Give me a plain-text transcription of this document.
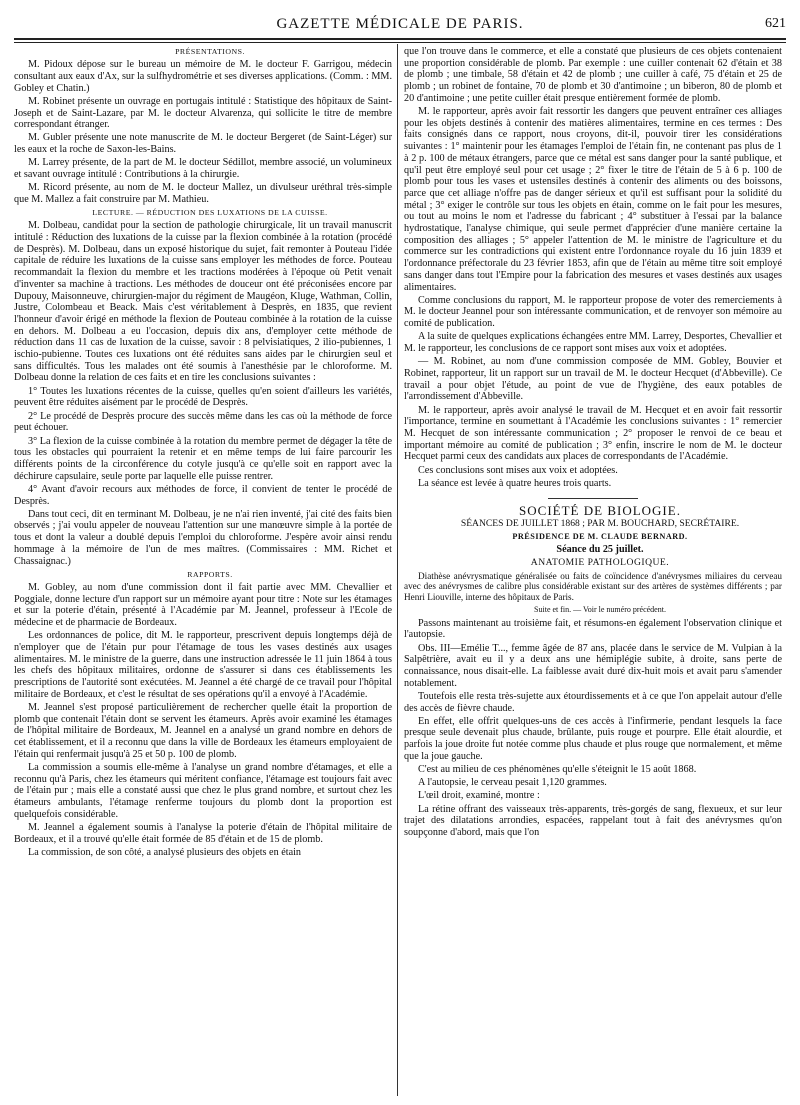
GAZETTE MÉDICALE DE PARIS.	621

PRÉSENTATIONS.

M. Pidoux dépose sur le bureau un mémoire de M. le docteur F. Garrigou, médecin consultant aux eaux d'Ax, sur la sulfhydrométrie et ses diverses applications. (Comm. : MM. Gobley et Chatin.)

M. Robinet présente un ouvrage en portugais intitulé : Statistique des hôpitaux de Saint-Joseph et de Saint-Lazare, par M. le docteur Alvarenza, qui sollicite le titre de membre correspondant étranger.

M. Gubler présente une note manuscrite de M. le docteur Bergeret (de Saint-Léger) sur les eaux et la roche de Saxon-les-Bains.

M. Larrey présente, de la part de M. le docteur Sédillot, membre associé, un volumineux et savant ouvrage intitulé : Contributions à la chirurgie.

M. Ricord présente, au nom de M. le docteur Mallez, un divulseur uréthral très-simple que M. Mallez a fait construire par M. Mathieu.

LECTURE. — RÉDUCTION DES LUXATIONS DE LA CUISSE.

M. Dolbeau, candidat pour la section de pathologie chirurgicale, lit un travail manuscrit intitulé : Réduction des luxations de la cuisse par la flexion combinée à la rotation (procédé de Desprès). M. Dolbeau, dans un exposé historique du sujet, fait remonter à Pouteau l'idée capitale de réduire les luxations de la cuisse sans employer les méthodes de force. Pouteau recommandait la flexion du membre et les tractions modérées à l'époque où Petit venait d'inventer sa machine à tractions. Les méthodes de douceur ont été préconisées encore par Dupouy, Maisonneuve, chirurgien-major du régiment de Maugéon, Kluge, Wathman, Collin, Justre, Colombeau et Beack. Mais c'est véritablement à Desprès, en 1835, que revient l'honneur d'avoir érigé en méthode la flexion de Pouteau combinée à la rotation de la cuisse en dehors. M. Dolbeau a eu l'occasion, depuis dix ans, d'employer cette méthode de réduction dans 11 cas de luxation de la cuisse, savoir : 8 pelvisiatiques, 2 ilio-pubiennes, 1 ischio-pubienne. Toutes ces luxations ont été réduites sans aides par le chirurgien seul et sans difficultés. Tous les malades ont été soumis à l'anesthésie par le chloroforme. M. Dolbeau donne la relation de ces faits et en tire les conclusions suivantes :

1° Toutes les luxations récentes de la cuisse, quelles qu'en soient d'ailleurs les variétés, peuvent être réduites aisément par le procédé de Desprès.

2° Le procédé de Desprès procure des succès même dans les cas où la méthode de force peut échouer.

3° La flexion de la cuisse combinée à la rotation du membre permet de dégager la tête de tous les obstacles qui pourraient la retenir et en même temps de lui faire parcourir les différents points de la circonférence du cotyle jusqu'à ce qu'elle soit en rapport avec la déchirure capsulaire, seule porte par laquelle elle puisse rentrer.

4° Avant d'avoir recours aux méthodes de force, il convient de tenter le procédé de Desprès.

Dans tout ceci, dit en terminant M. Dolbeau, je ne n'ai rien inventé, j'ai cité des faits bien observés ; j'ai voulu appeler de nouveau l'attention sur une manœuvre simple à la portée de tous et dont la valeur a doublé depuis l'emploi du chloroforme. J'espère avoir ainsi rendu hommage à la mémoire de l'un de mes maîtres. (Commissaires : MM. Richet et Chassaignac.)

RAPPORTS.

M. Gobley, au nom d'une commission dont il fait partie avec MM. Chevallier et Poggiale, donne lecture d'un rapport sur un mémoire ayant pour titre : Note sur les étamages et sur la poterie d'étain, présenté à l'Académie par M. Jeannel, professeur à l'Ecole de médecine et de pharmacie de Bordeaux.

Les ordonnances de police, dit M. le rapporteur, prescrivent depuis longtemps déjà de n'employer que de l'étain pur pour l'étamage de tous les vases destinés aux usages alimentaires. M. le ministre de la guerre, dans une instruction adressée le 11 juin 1864 à tous les chefs des hôpitaux militaires, ordonne de s'assurer si dans ces établissements les prescriptions de l'autorité sont exécutées. M. Jeannel a été chargé de ce travail pour l'hôpital militaire de Bordeaux, et c'est le résultat de ses opérations qu'il a envoyé à l'Académie.

M. Jeannel s'est proposé particulièrement de rechercher quelle était la proportion de plomb que contenait l'étain dont se servent les étameurs. Après avoir examiné les étamages de l'hôpital militaire de Bordeaux, M. Jeannel en a analysé un grand nombre en dehors de cet établissement, et il a reconnu que dans la ville de Bordeaux les étameurs employaient de l'étain qui renfermait jusqu'à 25 et 50 p. 100 de plomb.

La commission a soumis elle-même à l'analyse un grand nombre d'étamages, et elle a reconnu qu'à Paris, chez les étameurs qui méritent confiance, l'étamage est toujours fait avec de l'étain pur ; mais elle a constaté aussi que chez le plus grand nombre, et surtout chez les étameurs ambulants, l'étamage renferme toujours du plomb dont la proportion est quelquefois considérable.

M. Jeannel a également soumis à l'analyse la poterie d'étain de l'hôpital militaire de Bordeaux, et il a trouvé qu'elle était formée de 85 d'étain et de 15 de plomb.

La commission, de son côté, a analysé plusieurs des objets en étain

que l'on trouve dans le commerce, et elle a constaté que plusieurs de ces objets contenaient une proportion considérable de plomb. Par exemple : une cuiller contenait 62 d'étain et 38 de plomb ; une timbale, 58 d'étain et 42 de plomb ; une cuiller à café, 75 d'étain et 25 de plomb ; un robinet de fontaine, 70 de plomb et 30 d'antimoine ; un biberon, 80 de plomb et 20 d'antimoine ; une petite cuiller était presque entièrement formée de plomb.

M. le rapporteur, après avoir fait ressortir les dangers que peuvent entraîner ces alliages pour les objets destinés à contenir des matières alimentaires, termine en ces termes : Des faits consignés dans ce rapport, nous croyons, dit-il, pouvoir tirer les considérations suivantes : 1° maintenir pour les étamages l'emploi de l'étain fin, ne contenant pas plus de 1 à 2 p. 100 de métaux étrangers, parce que ce métal est sans danger pour la santé publique, et qu'il peut être employé seul pour cet usage ; 2° fixer le titre de l'étain de 5 à 6 p. 100 de plomb pour tous les vases et ustensiles destinés à contenir des aliments ou des boissons, parce que cet alliage n'offre pas de danger sérieux et qu'il est suffisant pour la solidité du métal ; 3° exiger le contrôle sur tous les objets en étain, comme on le fait pour les mesures, ou tout au moins le nom et l'adresse du fabricant ; 4° substituer à l'essai par la balance hydrostatique, l'analyse chimique, qui seule permet d'apprécier d'une manière certaine la composition des alliages ; 5° appeler l'attention de M. le ministre de l'agriculture et du commerce sur les contradictions qui existent entre l'ordonnance royale du 16 juin 1839 et l'ordonnance préfectorale du 23 février 1853, afin que de l'étain au même titre soit employé sans danger dans tout l'Empire pour la fabrication des mesures et vases destinés aux usages alimentaires.

Comme conclusions du rapport, M. le rapporteur propose de voter des remerciements à M. le docteur Jeannel pour son intéressante communication, et de renvoyer son mémoire au comité de publication.

A la suite de quelques explications échangées entre MM. Larrey, Desportes, Chevallier et M. le rapporteur, les conclusions de ce rapport sont mises aux voix et adoptées.

— M. Robinet, au nom d'une commission composée de MM. Gobley, Bouvier et Robinet, rapporteur, lit un rapport sur un travail de M. le docteur Hecquet (d'Abbeville). Ce travail a pour objet l'étude, au point de vue de l'hygiène, des eaux potables de l'arrondissement d'Abbeville.

M. le rapporteur, après avoir analysé le travail de M. Hecquet et en avoir fait ressortir l'importance, termine en soumettant à l'Académie les conclusions suivantes : 1° remercier M. Hecquet de son intéressante communication ; 2° proposer le renvoi de ce beau et important mémoire au comité de publication ; 3° enfin, inscrire le nom de M. le docteur Hecquet parmi ceux des candidats aux places de correspondants de l'Académie.

Ces conclusions sont mises aux voix et adoptées.

La séance est levée à quatre heures trois quarts.

SOCIÉTÉ DE BIOLOGIE.

SÉANCES DE JUILLET 1868 ; PAR M. BOUCHARD, SECRÉTAIRE.

PRÉSIDENCE DE M. CLAUDE BERNARD.

Séance du 25 juillet.

ANATOMIE PATHOLOGIQUE.

Diathèse anévrysmatique généralisée ou faits de coïncidence d'anévrysmes miliaires du cerveau avec des anévrysmes de calibre plus considérable existant sur des artères de systèmes différents ; par Henri Liouville, interne des hôpitaux de Paris.

Suite et fin. — Voir le numéro précédent.

Passons maintenant au troisième fait, et résumons-en également l'observation clinique et l'autopsie.

Obs. III—Emélie T..., femme âgée de 87 ans, placée dans le service de M. Vulpian à la Salpêtrière, avait eu il y a deux ans une hémiplégie subite, à droite, sans perte de connaissance, nous disait-elle. La faiblesse avait duré dix-huit mois et avait paru s'amender notablement.

Toutefois elle resta très-sujette aux étourdissements et à ce que l'on appelait autour d'elle des accès de fièvre chaude.

En effet, elle offrit quelques-uns de ces accès à l'infirmerie, pendant lesquels la face presque seule devenait plus chaude, brûlante, puis rouge et pourpre. Elle était alourdie, et parfois la joue droite fut notée comme plus chaude et plus rouge que normalement, et même que la joue gauche.

C'est au milieu de ces phénomènes qu'elle s'éteignit le 15 août 1868.

A l'autopsie, le cerveau pesait 1,120 grammes.

L'œil droit, examiné, montre :

La rétine offrant des vaisseaux très-apparents, très-gorgés de sang, flexueux, et sur leur trajet des dilatations arrondies, espacées, rappelant tout à fait des anévrysmes qu'on soupçonne d'abord, mais que l'on
